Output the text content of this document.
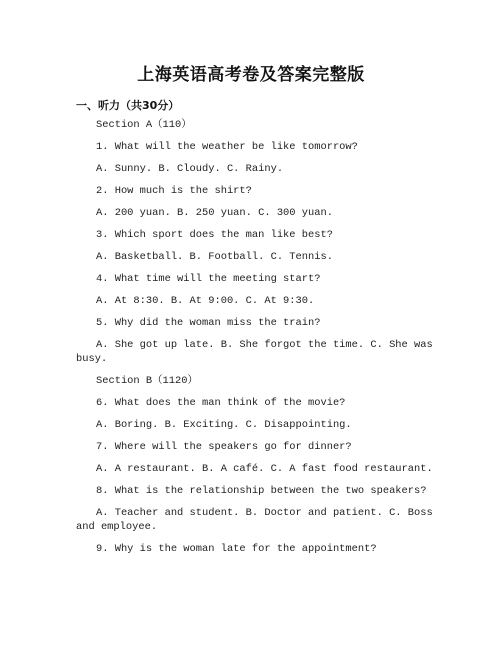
上海英语高考卷及答案完整版
一、听力（共30分）
Section A（110）
1. What will the weather be like tomorrow?
A. Sunny. B. Cloudy. C. Rainy.
2. How much is the shirt?
A. 200 yuan. B. 250 yuan. C. 300 yuan.
3. Which sport does the man like best?
A. Basketball. B. Football. C. Tennis.
4. What time will the meeting start?
A. At 8:30. B. At 9:00. C. At 9:30.
5. Why did the woman miss the train?
A. She got up late. B. She forgot the time. C. She was
busy.
Section B（1120）
6. What does the man think of the movie?
A. Boring. B. Exciting. C. Disappointing.
7. Where will the speakers go for dinner?
A. A restaurant. B. A café. C. A fast food restaurant.
8. What is the relationship between the two speakers?
A. Teacher and student. B. Doctor and patient. C. Boss
and employee.
9. Why is the woman late for the appointment?
